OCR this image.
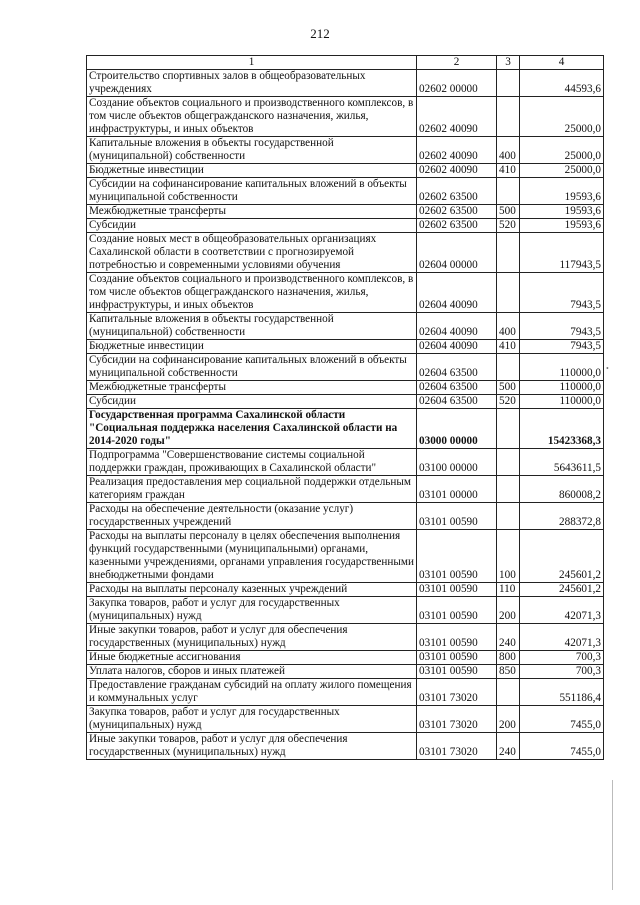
212
1	2	3	4
Строительство спортивных залов в общеобразовательных учреждениях	02602 00000		44593,6
Создание объектов социального и производственного комплексов, в том числе объектов общегражданского назначения, жилья, инфраструктуры, и иных объектов	02602 40090		25000,0
Капитальные вложения в объекты государственной (муниципальной) собственности	02602 40090	400	25000,0
Бюджетные инвестиции	02602 40090	410	25000,0
Субсидии на софинансирование капитальных вложений в объекты муниципальной собственности	02602 63500		19593,6
Межбюджетные трансферты	02602 63500	500	19593,6
Субсидии	02602 63500	520	19593,6
Создание новых мест в общеобразовательных организациях Сахалинской области в соответствии с прогнозируемой потребностью и современными условиями обучения	02604 00000		117943,5
Создание объектов социального и производственного комплексов, в том числе объектов общегражданского назначения, жилья, инфраструктуры, и иных объектов	02604 40090		7943,5
Капитальные вложения в объекты государственной (муниципальной) собственности	02604 40090	400	7943,5
Бюджетные инвестиции	02604 40090	410	7943,5
Субсидии на софинансирование капитальных вложений в объекты муниципальной собственности	02604 63500		110000,0
Межбюджетные трансферты	02604 63500	500	110000,0
Субсидии	02604 63500	520	110000,0
Государственная программа Сахалинской области "Социальная поддержка населения Сахалинской области на 2014-2020 годы"	03000 00000		15423368,3
Подпрограмма "Совершенствование системы социальной поддержки граждан, проживающих в Сахалинской области"	03100 00000		5643611,5
Реализация предоставления мер социальной поддержки отдельным категориям граждан	03101 00000		860008,2
Расходы на обеспечение деятельности (оказание услуг) государственных учреждений	03101 00590		288372,8
Расходы на выплаты персоналу в целях обеспечения выполнения функций государственными (муниципальными) органами, казенными учреждениями, органами управления государственными внебюджетными фондами	03101 00590	100	245601,2
Расходы на выплаты персоналу казенных учреждений	03101 00590	110	245601,2
Закупка товаров, работ и услуг для государственных (муниципальных) нужд	03101 00590	200	42071,3
Иные закупки товаров, работ и услуг для обеспечения государственных (муниципальных) нужд	03101 00590	240	42071,3
Иные бюджетные ассигнования	03101 00590	800	700,3
Уплата налогов, сборов и иных платежей	03101 00590	850	700,3
Предоставление гражданам субсидий на оплату жилого помещения и коммунальных услуг	03101 73020		551186,4
Закупка товаров, работ и услуг для государственных (муниципальных) нужд	03101 73020	200	7455,0
Иные закупки товаров, работ и услуг для обеспечения государственных (муниципальных) нужд	03101 73020	240	7455,0
•
